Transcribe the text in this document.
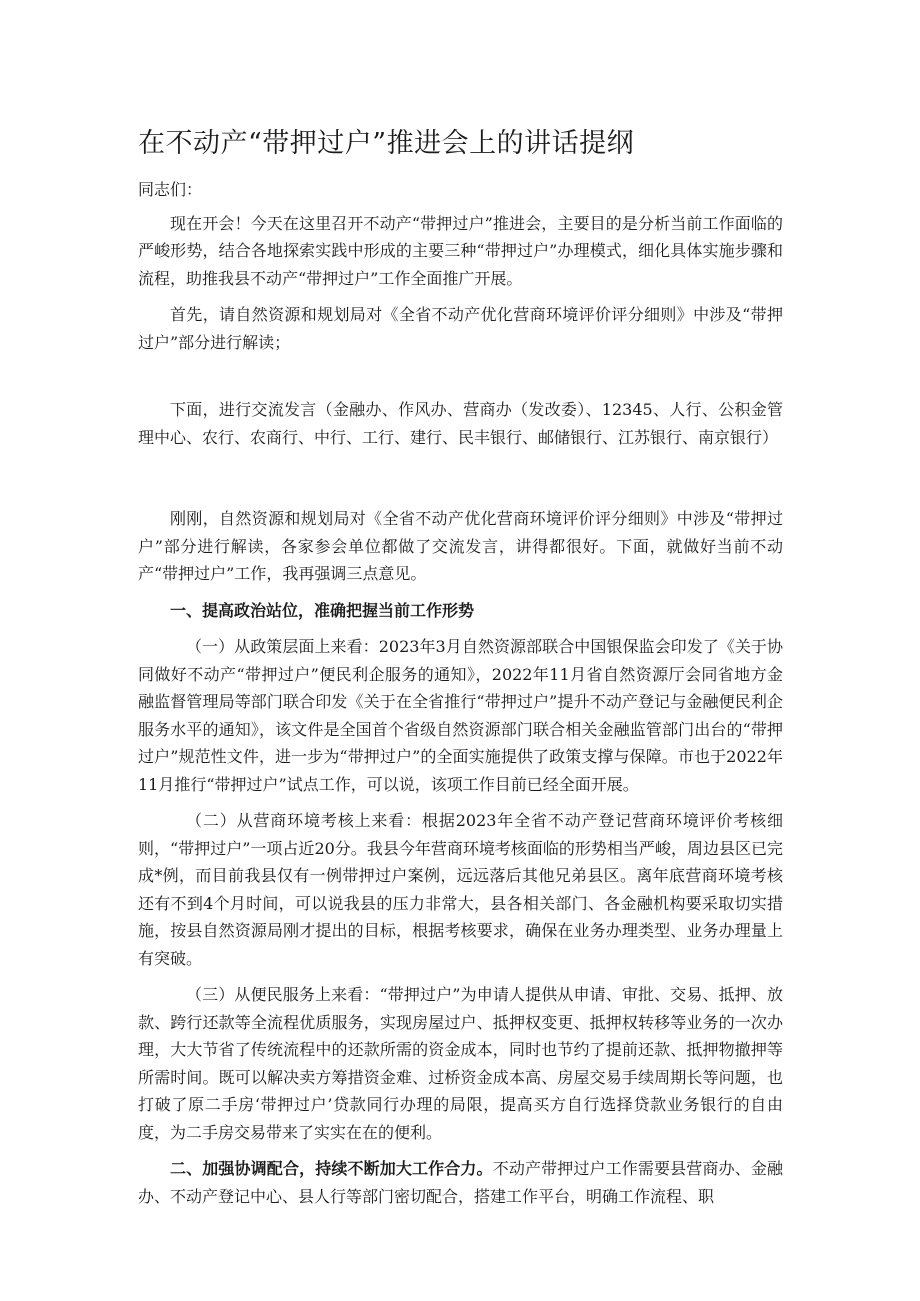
在不动产“带押过户”推进会上的讲话提纲

同志们：

现在开会！今天在这里召开不动产“带押过户”推进会，主要目的是分析当前工作面临的严峻形势，结合各地探索实践中形成的主要三种“带押过户”办理模式，细化具体实施步骤和流程，助推我县不动产“带押过户”工作全面推广开展。

首先，请自然资源和规划局对《全省不动产优化营商环境评价评分细则》中涉及“带押过户”部分进行解读；

下面，进行交流发言（金融办、作风办、营商办（发改委）、12345、人行、公积金管理中心、农行、农商行、中行、工行、建行、民丰银行、邮储银行、江苏银行、南京银行）

刚刚，自然资源和规划局对《全省不动产优化营商环境评价评分细则》中涉及“带押过户”部分进行解读，各家参会单位都做了交流发言，讲得都很好。下面，就做好当前不动产“带押过户”工作，我再强调三点意见。

一、提高政治站位，准确把握当前工作形势

（一）从政策层面上来看：2023年3月自然资源部联合中国银保监会印发了《关于协同做好不动产“带押过户”便民利企服务的通知》，2022年11月省自然资源厅会同省地方金融监督管理局等部门联合印发《关于在全省推行“带押过户”提升不动产登记与金融便民利企服务水平的通知》，该文件是全国首个省级自然资源部门联合相关金融监管部门出台的“带押过户”规范性文件，进一步为“带押过户”的全面实施提供了政策支撑与保障。市也于2022年11月推行“带押过户”试点工作，可以说，该项工作目前已经全面开展。

（二）从营商环境考核上来看：根据2023年全省不动产登记营商环境评价考核细则，“带押过户”一项占近20分。我县今年营商环境考核面临的形势相当严峻，周边县区已完成*例，而目前我县仅有一例带押过户案例，远远落后其他兄弟县区。离年底营商环境考核还有不到4个月时间，可以说我县的压力非常大，县各相关部门、各金融机构要采取切实措施，按县自然资源局刚才提出的目标，根据考核要求，确保在业务办理类型、业务办理量上有突破。

（三）从便民服务上来看：“带押过户”为申请人提供从申请、审批、交易、抵押、放款、跨行还款等全流程优质服务，实现房屋过户、抵押权变更、抵押权转移等业务的一次办理，大大节省了传统流程中的还款所需的资金成本，同时也节约了提前还款、抵押物撤押等所需时间。既可以解决卖方筹措资金难、过桥资金成本高、房屋交易手续周期长等问题，也打破了原二手房‘带押过户’贷款同行办理的局限，提高买方自行选择贷款业务银行的自由度，为二手房交易带来了实实在在的便利。

二、加强协调配合，持续不断加大工作合力。不动产带押过户工作需要县营商办、金融办、不动产登记中心、县人行等部门密切配合，搭建工作平台，明确工作流程、职
